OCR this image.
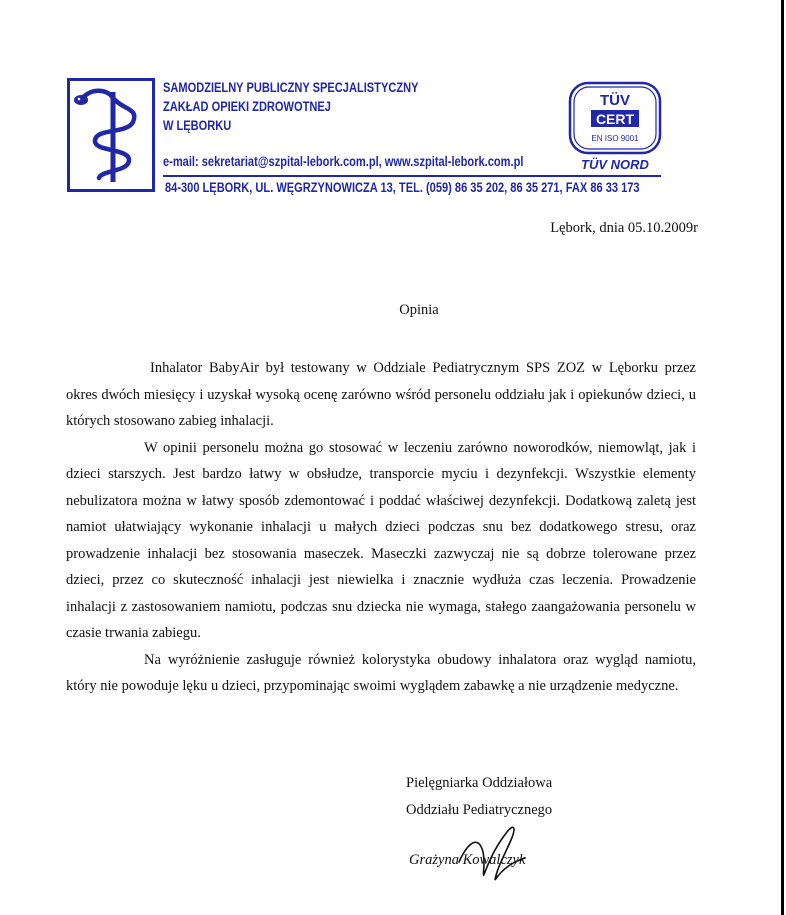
SAMODZIELNY PUBLICZNY SPECJALISTYCZNY
ZAKŁAD OPIEKI ZDROWOTNEJ
W LĘBORKU
e-mail: sekretariat@szpital-lebork.com.pl, www.szpital-lebork.com.pl
84-300 LĘBORK, UL. WĘGRZYNOWICZA 13, TEL. (059) 86 35 202, 86 35 271, FAX 86 33 173
TÜV
CERT
EN ISO 9001
TÜV NORD
Lębork, dnia 05.10.2009r
Opinia

Inhalator BabyAir był testowany w Oddziale Pediatrycznym SPS ZOZ w Lęborku przez okres dwóch miesięcy i uzyskał wysoką ocenę zarówno wśród personelu oddziału jak i opiekunów dzieci, u których stosowano zabieg inhalacji.

W opinii personelu można go stosować w leczeniu zarówno noworodków, niemowląt, jak i dzieci starszych. Jest bardzo łatwy w obsłudze, transporcie myciu i dezynfekcji. Wszystkie elementy nebulizatora można w łatwy sposób zdemontować i poddać właściwej dezynfekcji. Dodatkową zaletą jest namiot ułatwiający wykonanie inhalacji u małych dzieci podczas snu bez dodatkowego stresu, oraz prowadzenie inhalacji bez stosowania maseczek. Maseczki zazwyczaj nie są dobrze tolerowane przez dzieci, przez co skuteczność inhalacji jest niewielka i znacznie wydłuża czas leczenia. Prowadzenie inhalacji z zastosowaniem namiotu, podczas snu dziecka nie wymaga, stałego zaangażowania personelu w czasie trwania zabiegu.

Na wyróżnienie zasługuje również kolorystyka obudowy inhalatora oraz wygląd namiotu, który nie powoduje lęku u dzieci, przypominając swoimi wyglądem zabawkę a nie urządzenie medyczne.

Pielęgniarka Oddziałowa
Oddziału Pediatrycznego
Grażyna Kowalczyk
